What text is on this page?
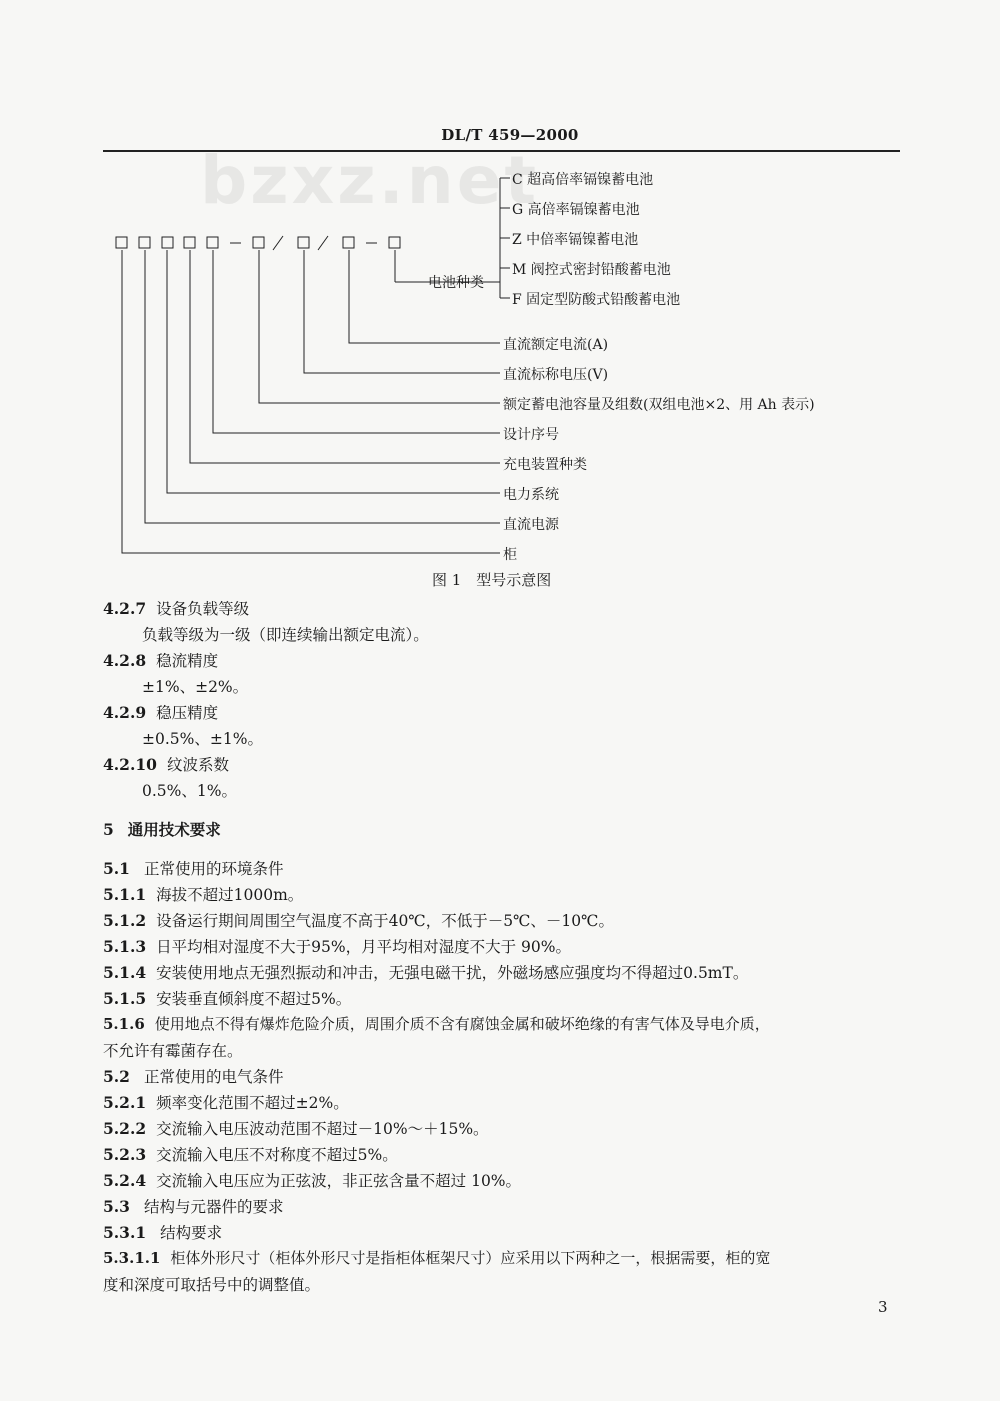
DL/T 459—2000
bzxz.net
电池种类
C 超高倍率镉镍蓄电池
G 高倍率镉镍蓄电池
Z 中倍率镉镍蓄电池
M 阀控式密封铅酸蓄电池
F 固定型防酸式铅酸蓄电池
直流额定电流(A)
直流标称电压(V)
额定蓄电池容量及组数(双组电池×2、用 Ah 表示)
设计序号
充电装置种类
电力系统
直流电源
柜
图 1　型号示意图
4.2.7 设备负载等级
负载等级为一级（即连续输出额定电流）。
4.2.8 稳流精度
±1%、±2%。
4.2.9 稳压精度
±0.5%、±1%。
4.2.10 纹波系数
0.5%、1%。
5 通用技术要求
5.1 正常使用的环境条件
5.1.1 海拔不超过1000m。
5.1.2 设备运行期间周围空气温度不高于40℃，不低于－5℃、－10℃。
5.1.3 日平均相对湿度不大于95%，月平均相对湿度不大于 90%。
5.1.4 安装使用地点无强烈振动和冲击，无强电磁干扰，外磁场感应强度均不得超过0.5mT。
5.1.5 安装垂直倾斜度不超过5%。
5.1.6 使用地点不得有爆炸危险介质，周围介质不含有腐蚀金属和破坏绝缘的有害气体及导电介质，
不允许有霉菌存在。
5.2 正常使用的电气条件
5.2.1 频率变化范围不超过±2%。
5.2.2 交流输入电压波动范围不超过－10%～＋15%。
5.2.3 交流输入电压不对称度不超过5%。
5.2.4 交流输入电压应为正弦波，非正弦含量不超过 10%。
5.3 结构与元器件的要求
5.3.1 结构要求
5.3.1.1 柜体外形尺寸（柜体外形尺寸是指柜体框架尺寸）应采用以下两种之一，根据需要，柜的宽
度和深度可取括号中的调整值。
3
